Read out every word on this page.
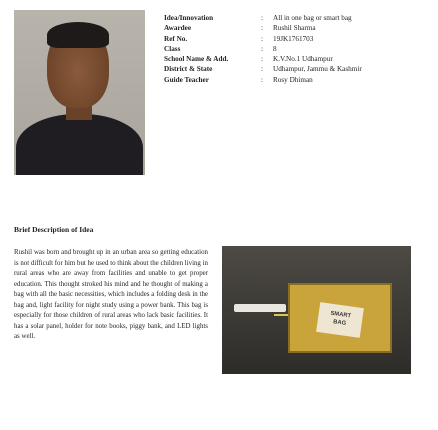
Idea/Innovation	:	All in one bag or smart bag
Awardee	:	Rushil Sharma
Ref No.	:	19JK1761703
Class	:	8
School Name & Add.	:	K.V.No.1 Udhampur
District & State	:	Udhampur, Jammu & Kashmir
Guide Teacher	:	Rosy Dhiman
Brief Description of Idea

Rushil was born and brought up in an urban area so getting education is not difficult for him but he used to think about the children living in rural areas who are away from facilities and unable to get proper education. This thought stroked his mind and he thought of making a bag with all the basic necessities, which includes a folding desk in the bag and, light facility for night study using a power bank. This bag is especially for those children of rural areas who lack basic facilities. It has a solar panel, holder for note books, piggy bank, and LED lights as well.

SMART
BAG
